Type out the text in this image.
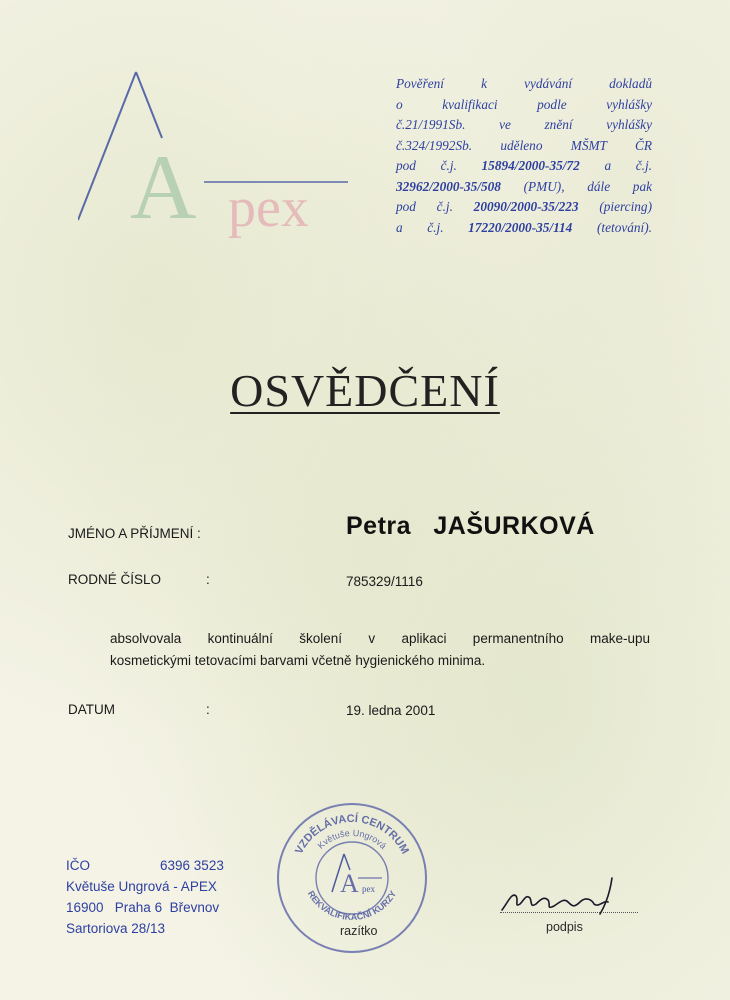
A pex

Pověření k vydávání dokladů

o kvalifikaci podle vyhlášky

č.21/1991Sb. ve znění vyhlášky

č.324/1992Sb. uděleno MŠMT ČR

pod č.j. 15894/2000-35/72 a č.j.

32962/2000-35/508 (PMU), dále pak

pod č.j. 20090/2000-35/223 (piercing)

a č.j. 17220/2000-35/114 (tetování).

OSVĚDČENÍ
JMÉNO A PŘÍJMENÍ :	Petra   JAŠURKOVÁ
RODNÉ ČÍSLO	:	785329/1116
absolvovala kontinuální školení v aplikaci permanentního make-upu
kosmetickými tetovacími barvami včetně hygienického minima.
DATUM	:	19. ledna 2001
IČO	6396 3523
Květuše Ungrová - APEX
16900   Praha 6  Břevnov
Sartoriova 28/13
VZDĚLÁVACÍ CENTRUM
Květuše Ungrová
REKVALIFIKAČNÍ KURZY
A pex
razítko	podpis
